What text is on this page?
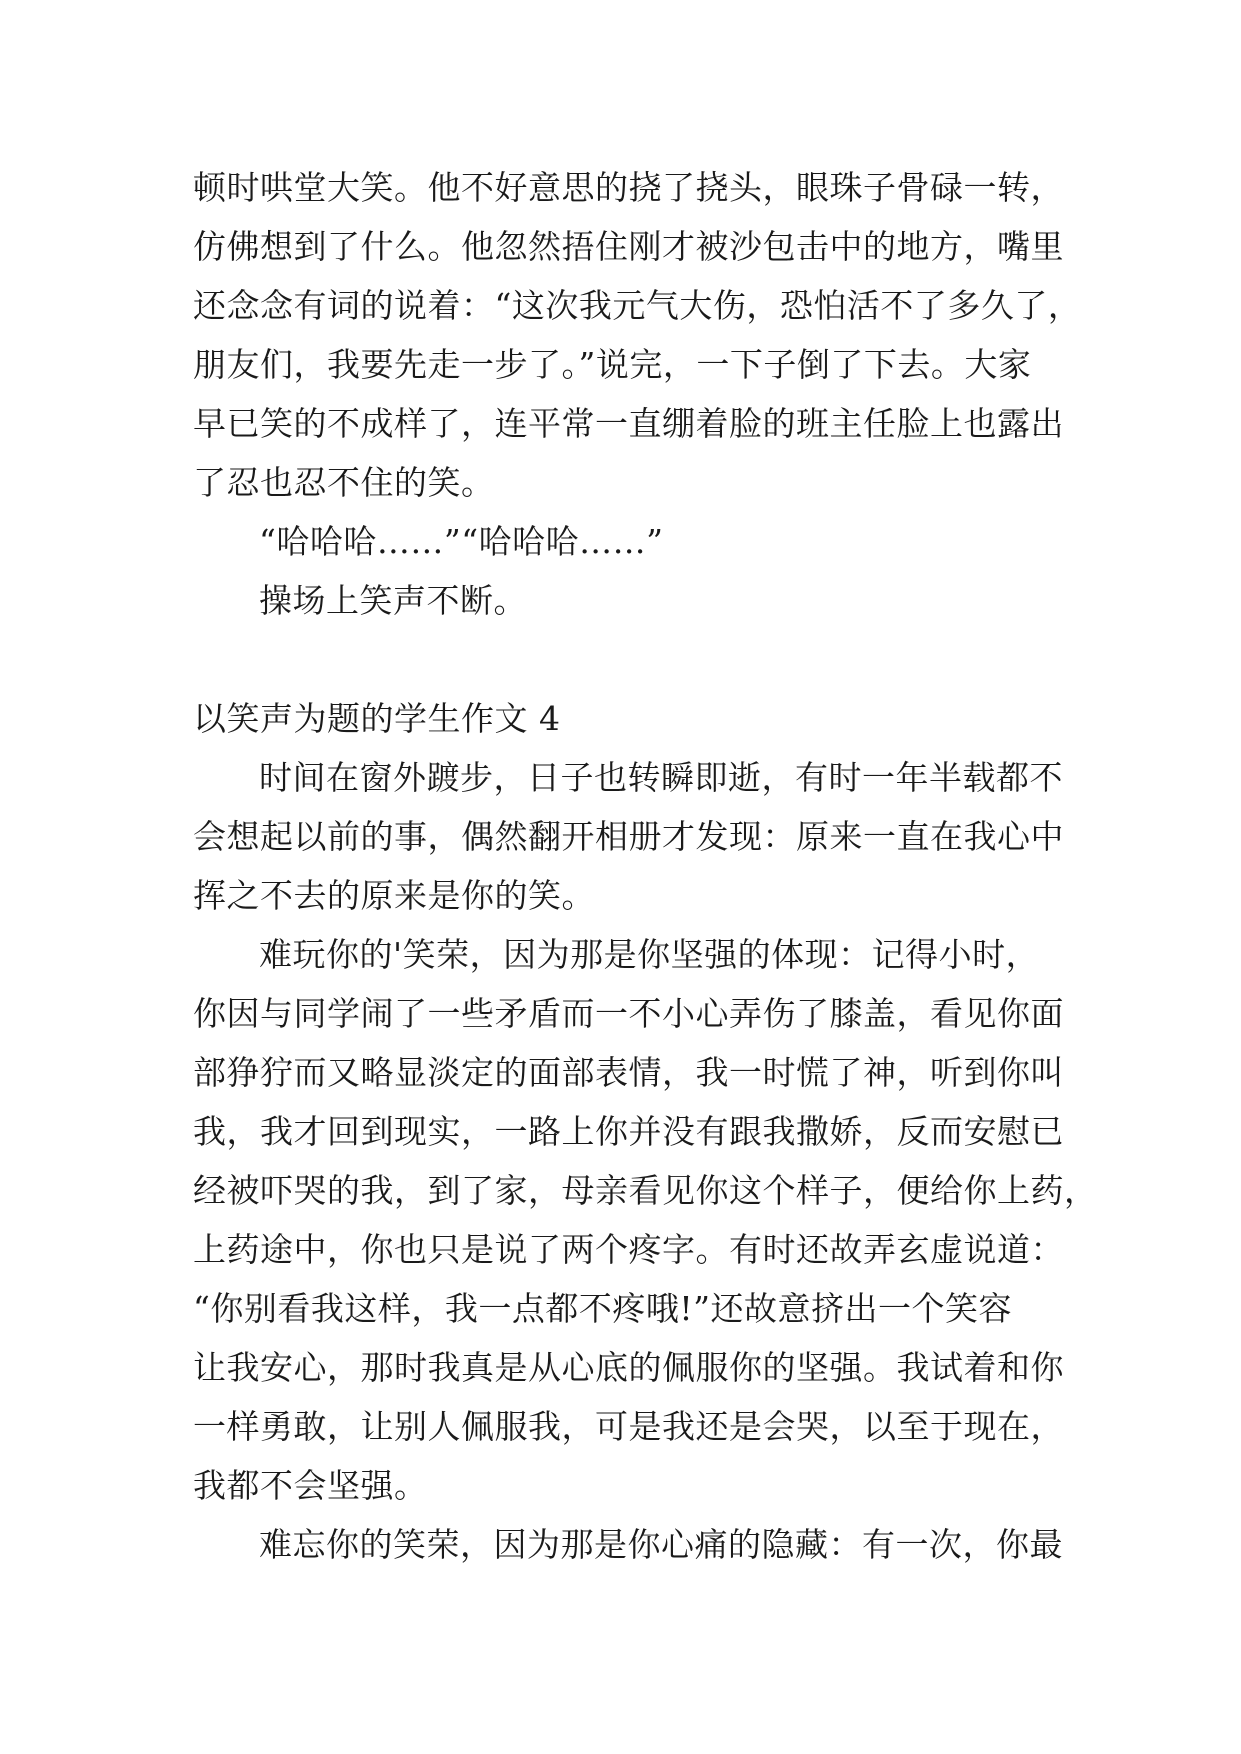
顿时哄堂大笑。他不好意思的挠了挠头，眼珠子骨碌一转，
仿佛想到了什么。他忽然捂住刚才被沙包击中的地方，嘴里
还念念有词的说着：“这次我元气大伤，恐怕活不了多久了，
朋友们，我要先走一步了。”说完，一下子倒了下去。大家
早已笑的不成样了，连平常一直绷着脸的班主任脸上也露出
了忍也忍不住的笑。
“哈哈哈……”“哈哈哈……”
操场上笑声不断。
以笑声为题的学生作文 4
时间在窗外踱步，日子也转瞬即逝，有时一年半载都不
会想起以前的事，偶然翻开相册才发现：原来一直在我心中
挥之不去的原来是你的笑。
难玩你的'笑荣，因为那是你坚强的体现：记得小时，
你因与同学闹了一些矛盾而一不小心弄伤了膝盖，看见你面
部狰狞而又略显淡定的面部表情，我一时慌了神，听到你叫
我，我才回到现实，一路上你并没有跟我撒娇，反而安慰已
经被吓哭的我，到了家，母亲看见你这个样子，便给你上药，
上药途中，你也只是说了两个疼字。有时还故弄玄虚说道：
“你别看我这样，我一点都不疼哦!”还故意挤出一个笑容
让我安心，那时我真是从心底的佩服你的坚强。我试着和你
一样勇敢，让别人佩服我，可是我还是会哭，以至于现在，
我都不会坚强。
难忘你的笑荣，因为那是你心痛的隐藏：有一次，你最
